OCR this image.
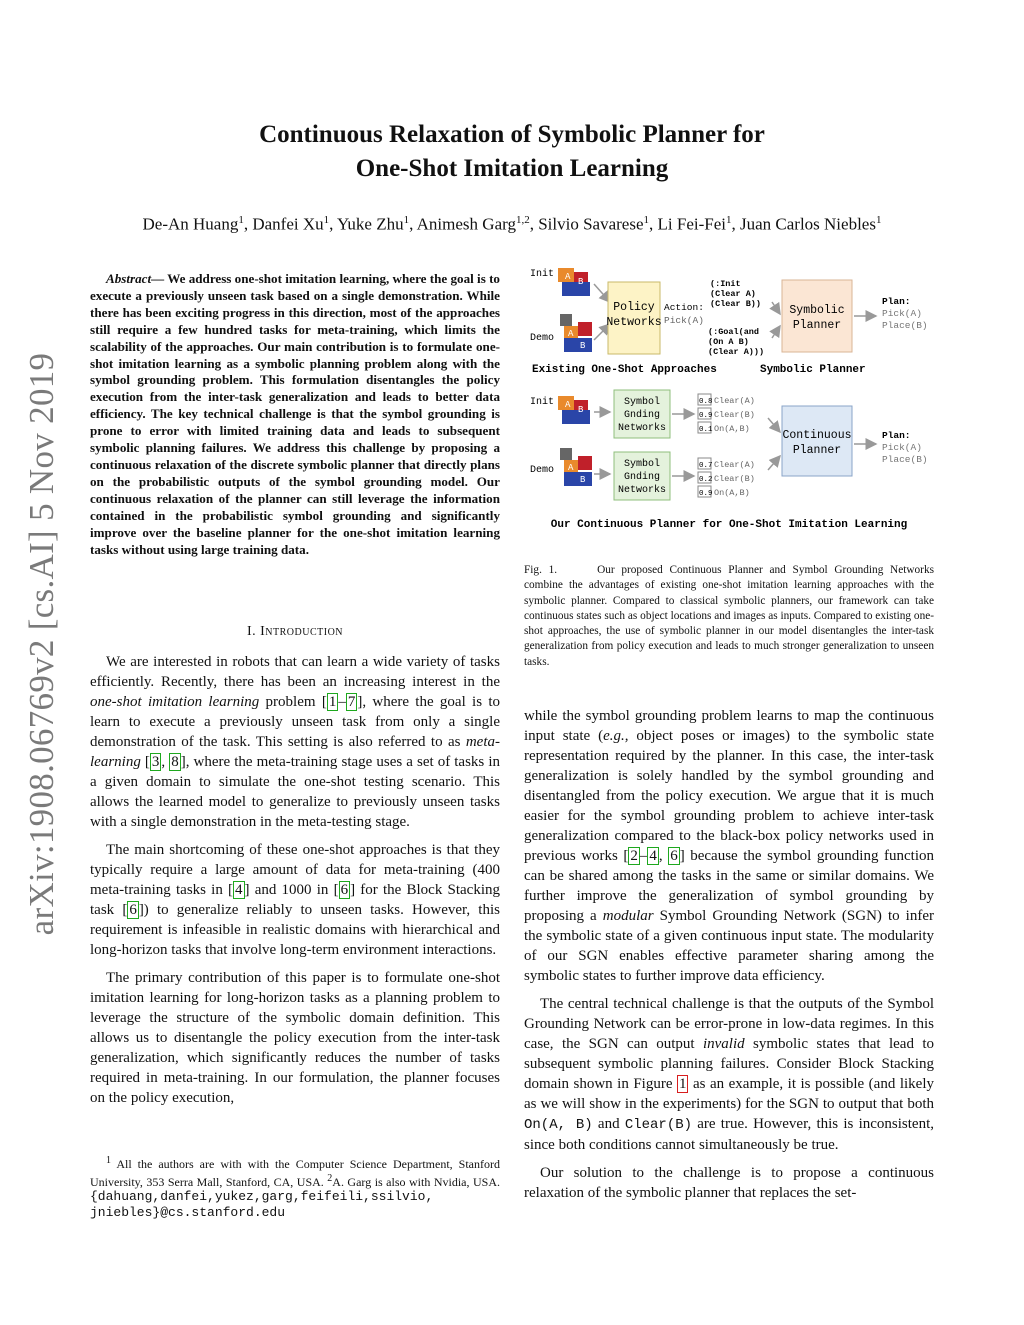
arXiv:1908.06769v2 [cs.AI] 5 Nov 2019
Continuous Relaxation of Symbolic Planner for
One-Shot Imitation Learning
De-An Huang$^1$, Danfei Xu$^1$, Yuke Zhu$^1$, Animesh Garg$^{1,2}$, Silvio Savarese$^1$, Li Fei-Fei$^1$, Juan Carlos Niebles$^1$
Abstract— We address one-shot imitation learning, where the goal is to execute a previously unseen task based on a single demonstration. While there has been exciting progress in this direction, most of the approaches still require a few hundred tasks for meta-training, which limits the scalability of the approaches. Our main contribution is to formulate one-shot imitation learning as a symbolic planning problem along with the symbol grounding problem. This formulation disentangles the policy execution from the inter-task generalization and leads to better data efficiency. The key technical challenge is that the symbol grounding is prone to error with limited training data and leads to subsequent symbolic planning failures. We address this challenge by proposing a continuous relaxation of the discrete symbolic planner that directly plans on the probabilistic outputs of the symbol grounding model. Our continuous relaxation of the planner can still leverage the information contained in the probabilistic symbol grounding and significantly improve over the baseline planner for the one-shot imitation learning tasks without using large training data.
I. Introduction

We are interested in robots that can learn a wide variety of tasks efficiently. Recently, there has been an increasing interest in the one-shot imitation learning problem [ 1 – 7 ], where the goal is to learn to execute a previously unseen task from only a single demonstration of the task. This setting is also referred to as meta-learning [ 3 , 8 ], where the meta-training stage uses a set of tasks in a given domain to simulate the one-shot testing scenario. This allows the learned model to generalize to previously unseen tasks with a single demonstration in the meta-testing stage.

The main shortcoming of these one-shot approaches is that they typically require a large amount of data for meta-training (400 meta-training tasks in [ 4 ] and 1000 in [ 6 ] for the Block Stacking task [ 6 ]) to generalize reliably to unseen tasks. However, this requirement is infeasible in realistic domains with hierarchical and long-horizon tasks that involve long-term environment interactions.

The primary contribution of this paper is to formulate one-shot imitation learning for long-horizon tasks as a planning problem to leverage the structure of the symbolic domain definition. This allows us to disentangle the policy execution from the inter-task generalization, which significantly reduces the number of tasks required in meta-training. In our formulation, the planner focuses on the policy execution,

$^1$ All the authors are with with the Computer Science Department, Stanford University, 353 Serra Mall, Stanford, CA, USA. $^2$A. Garg is also with Nvidia, USA. {dahuang,danfei,yukez,garg,feifeili,ssilvio, jniebles}@cs.stanford.edu
Init
Demo
A B
A
B
Policy
Networks
Action:
Pick(A)
(:Init
(Clear A)
(Clear B))
(:Goal(and
(On A B)
(Clear A)))
Symbolic
Planner
Plan:
Pick(A)
Place(B)
Existing One-Shot Approaches	Symbolic Planner
Init
Demo
A B
A
B
Symbol
Gnding
Networks
Symbol
Gnding
Networks
0.8
0.9
0.1
Clear(A)
Clear(B)
On(A,B)
0.7
0.2
0.9
Clear(A)
Clear(B)
On(A,B)
Continuous
Planner
Plan:
Pick(A)
Place(B)
Our Continuous Planner for One-Shot Imitation Learning
Fig. 1.	Our proposed Continuous Planner and Symbol Grounding Networks combine the advantages of existing one-shot imitation learning approaches with the symbolic planner. Compared to classical symbolic planners, our framework can take continuous states such as object locations and images as inputs. Compared to existing one-shot approaches, the use of symbolic planner in our model disentangles the inter-task generalization from policy execution and leads to much stronger generalization to unseen tasks.

while the symbol grounding problem learns to map the continuous input state (e.g., object poses or images) to the symbolic state representation required by the planner. In this case, the inter-task generalization is solely handled by the symbol grounding and disentangled from the policy execution. We argue that it is much easier for the symbol grounding problem to achieve inter-task generalization compared to the black-box policy networks used in previous works [ 2 – 4 , 6 ] because the symbol grounding function can be shared among the tasks in the same or similar domains. We further improve the generalization of symbol grounding by proposing a modular Symbol Grounding Network (SGN) to infer the symbolic state of a given continuous input state. The modularity of our SGN enables effective parameter sharing among the symbolic states to further improve data efficiency.

The central technical challenge is that the outputs of the Symbol Grounding Network can be error-prone in low-data regimes. In this case, the SGN can output invalid symbolic states that lead to subsequent symbolic planning failures. Consider Block Stacking domain shown in Figure 1 as an example, it is possible (and likely as we will show in the experiments) for the SGN to output that both On(A, B) and Clear(B) are true. However, this is inconsistent, since both conditions cannot simultaneously be true.

Our solution to the challenge is to propose a continuous relaxation of the symbolic planner that replaces the set-
